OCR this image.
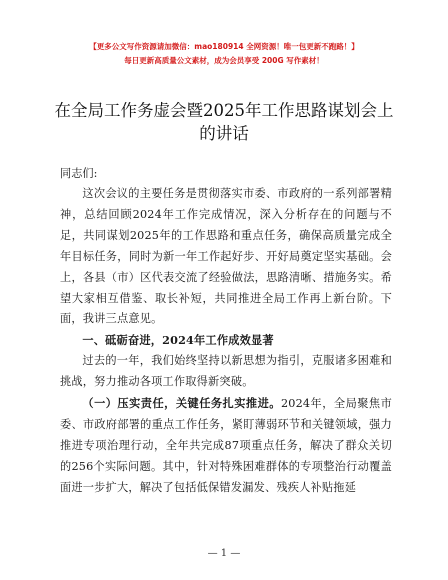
【更多公文写作资源请加微信：mao180914 全网资源！唯一包更新不跑路！】
每日更新高质量公文素材，成为会员享受 200G 写作素材！
在全局工作务虚会暨2025年工作思路谋划会上
的讲话
同志们:

这次会议的主要任务是贯彻落实市委、市政府的一系列部署精神，总结回顾2024年工作完成情况，深入分析存在的问题与不足，共同谋划2025年的工作思路和重点任务，确保高质量完成全年目标任务，同时为新一年工作起好步、开好局奠定坚实基础。会上，各县（市）区代表交流了经验做法，思路清晰、措施务实。希望大家相互借鉴、取长补短，共同推进全局工作再上新台阶。下面，我讲三点意见。

一、砥砺奋进，2024年工作成效显著

过去的一年，我们始终坚持以新思想为指引，克服诸多困难和挑战，努力推动各项工作取得新突破。

（一）压实责任，关键任务扎实推进。2024年，全局聚焦市委、市政府部署的重点工作任务，紧盯薄弱环节和关键领域，强力推进专项治理行动，全年共完成87项重点任务，解决了群众关切的256个实际问题。其中，针对特殊困难群体的专项整治行动覆盖面进一步扩大，解决了包括低保错发漏发、残疾人补贴拖延

— 1 —
